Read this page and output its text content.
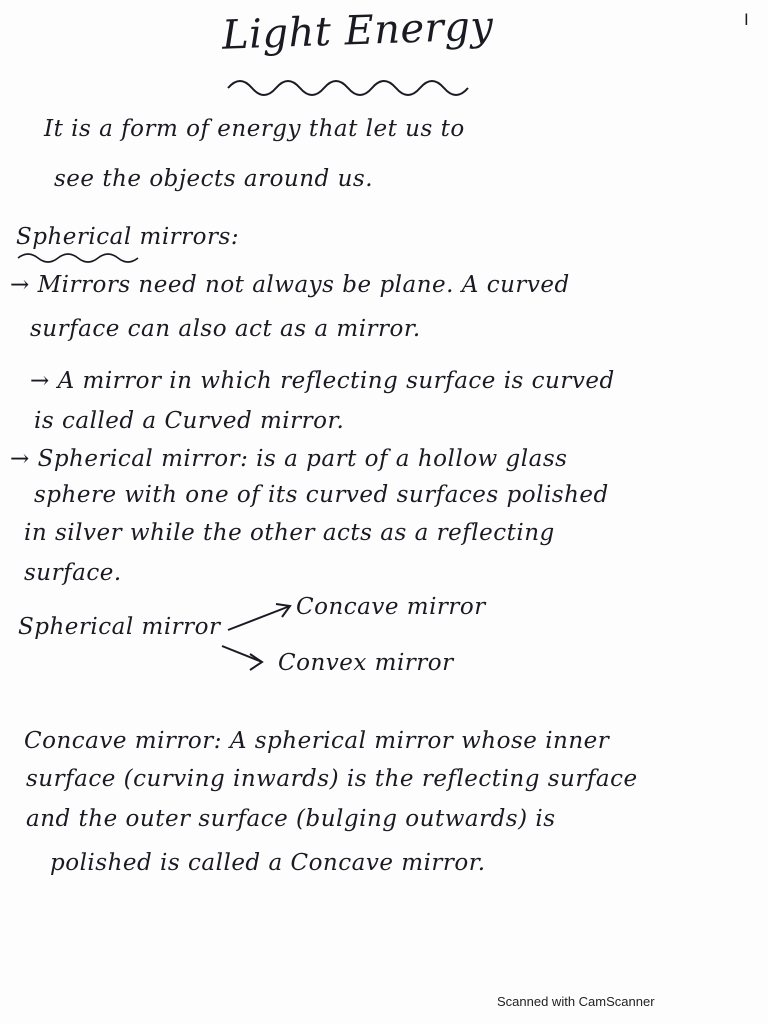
Light Energy	I
It is a form of energy that let us to
see the objects around us.
Spherical mirrors:
→ Mirrors need not always be plane. A curved
surface can also act as a mirror.
→ A mirror in which reflecting surface is curved
is called a Curved mirror.
→ Spherical mirror: is a part of a hollow glass
sphere with one of its curved surfaces polished
in silver while the other acts as a reflecting
surface.
Spherical mirror
Concave mirror
Convex mirror
Concave mirror: A spherical mirror whose inner
surface (curving inwards) is the reflecting surface
and the outer surface (bulging outwards) is
polished is called a Concave mirror.
Scanned with CamScanner
